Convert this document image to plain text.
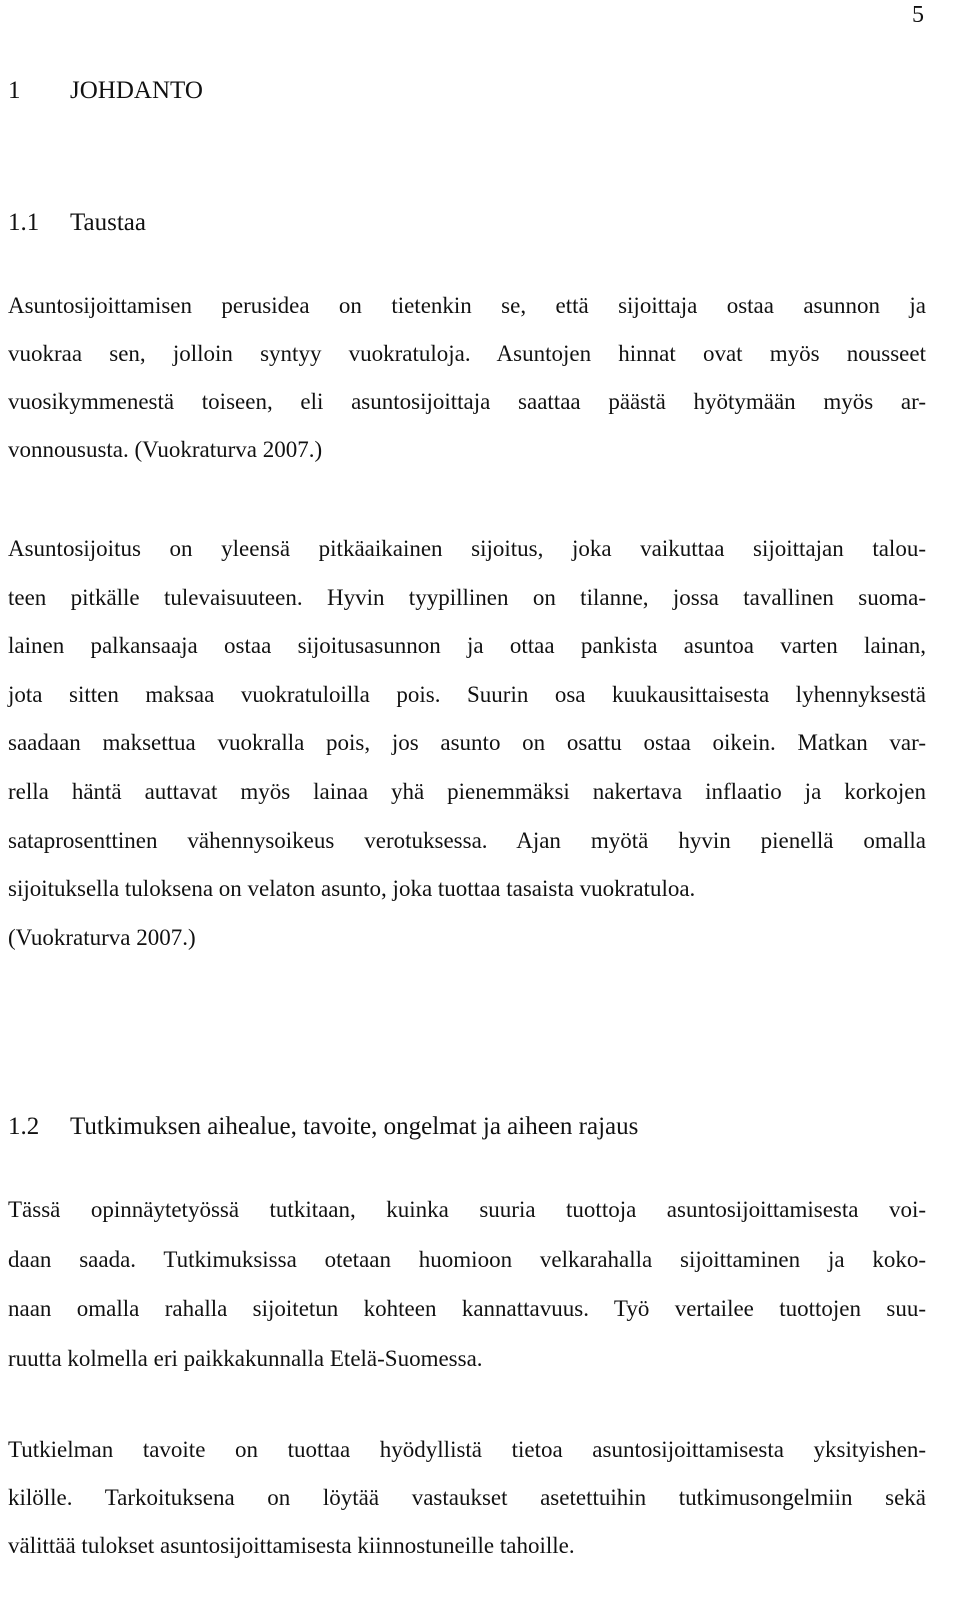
5
1 JOHDANTO
1.1 Taustaa
Asuntosijoittamisen perusidea on tietenkin se, että sijoittaja ostaa asunnon ja
vuokraa sen, jolloin syntyy vuokratuloja. Asuntojen hinnat ovat myös nousseet
vuosikymmenestä toiseen, eli asuntosijoittaja saattaa päästä hyötymään myös ar-
vonnoususta. (Vuokraturva 2007.)
Asuntosijoitus on yleensä pitkäaikainen sijoitus, joka vaikuttaa sijoittajan talou-
teen pitkälle tulevaisuuteen. Hyvin tyypillinen on tilanne, jossa tavallinen suoma-
lainen palkansaaja ostaa sijoitusasunnon ja ottaa pankista asuntoa varten lainan,
jota sitten maksaa vuokratuloilla pois. Suurin osa kuukausittaisesta lyhennyksestä
saadaan maksettua vuokralla pois, jos asunto on osattu ostaa oikein. Matkan var-
rella häntä auttavat myös lainaa yhä pienemmäksi nakertava inflaatio ja korkojen
sataprosenttinen vähennysoikeus verotuksessa. Ajan myötä hyvin pienellä omalla
sijoituksella tuloksena on velaton asunto, joka tuottaa tasaista vuokratuloa.
(Vuokraturva 2007.)
1.2 Tutkimuksen aihealue, tavoite, ongelmat ja aiheen rajaus
Tässä opinnäytetyössä tutkitaan, kuinka suuria tuottoja asuntosijoittamisesta voi-
daan saada. Tutkimuksissa otetaan huomioon velkarahalla sijoittaminen ja koko-
naan omalla rahalla sijoitetun kohteen kannattavuus. Työ vertailee tuottojen suu-
ruutta kolmella eri paikkakunnalla Etelä-Suomessa.
Tutkielman tavoite on tuottaa hyödyllistä tietoa asuntosijoittamisesta yksityishen-
kilölle. Tarkoituksena on löytää vastaukset asetettuihin tutkimusongelmiin sekä
välittää tulokset asuntosijoittamisesta kiinnostuneille tahoille.
